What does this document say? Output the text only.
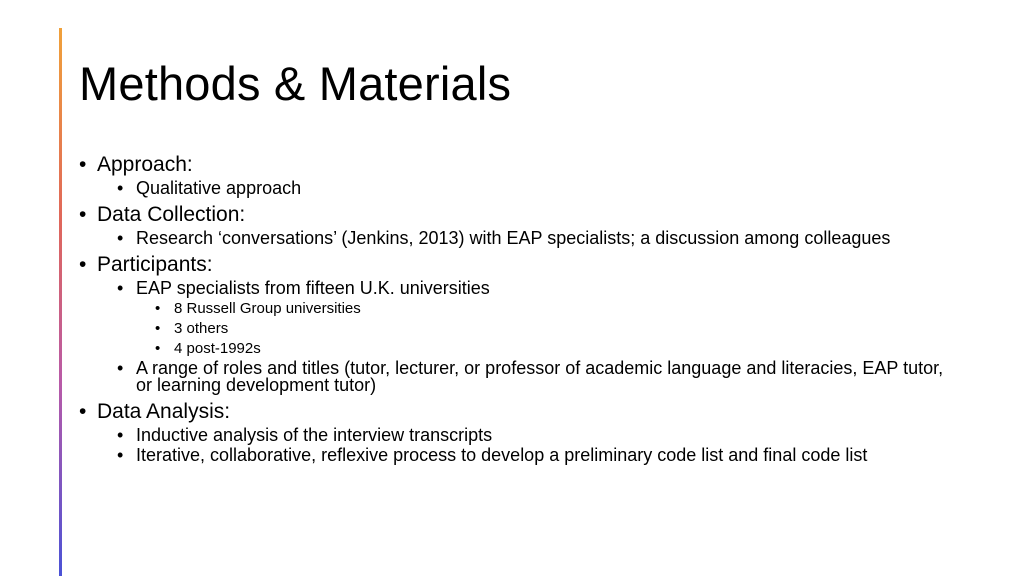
Methods & Materials
• Approach:
• Qualitative approach
• Data Collection:
• Research ‘conversations’ (Jenkins, 2013) with EAP specialists; a discussion among colleagues
• Participants:
• EAP specialists from fifteen U.K. universities
• 8 Russell Group universities
• 3 others
• 4 post-1992s
• A range of roles and titles (tutor, lecturer, or professor of academic language and literacies, EAP tutor, or learning development tutor)
• Data Analysis:
• Inductive analysis of the interview transcripts
• Iterative, collaborative, reflexive process to develop a preliminary code list and final code list
